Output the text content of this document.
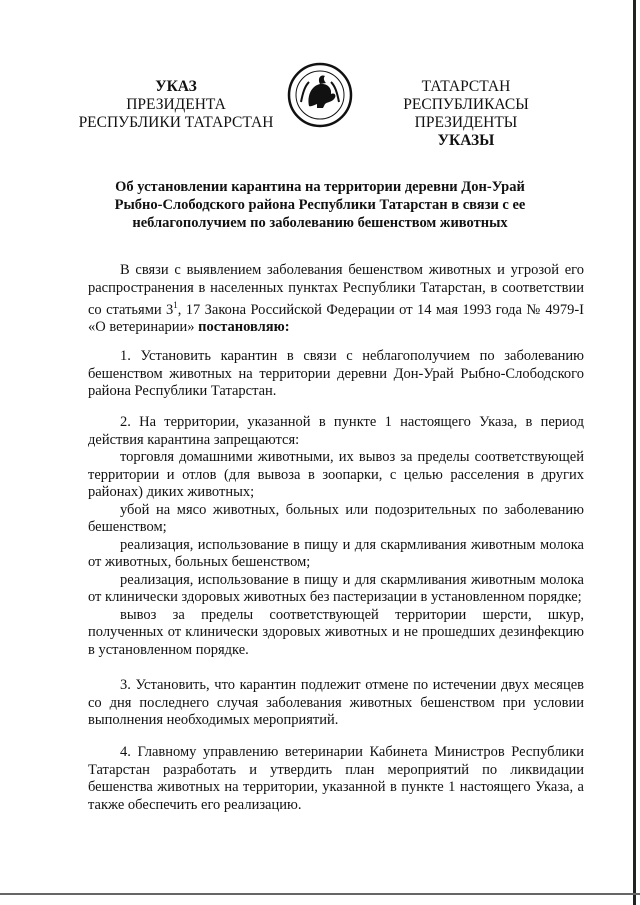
УКАЗ
ПРЕЗИДЕНТА
РЕСПУБЛИКИ ТАТАРСТАН
ТАТАРСТАН РЕСПУБЛИКАСЫ
ПРЕЗИДЕНТЫ
УКАЗЫ
Об установлении карантина на территории деревни Дон-Урай Рыбно-Слободского района Республики Татарстан в связи с ее неблагополучием по заболеванию бешенством животных

В связи с выявлением заболевания бешенством животных и угрозой его распространения в населенных пунктах Республики Татарстан, в соответствии со статьями $3^1$, 17 Закона Российской Федерации от 14 мая 1993 года № 4979-I «О ветеринарии» постановляю:

1. Установить карантин в связи с неблагополучием по заболеванию бешенством животных на территории деревни Дон-Урай Рыбно-Слободского района Республики Татарстан.

2. На территории, указанной в пункте 1 настоящего Указа, в период действия карантина запрещаются:

торговля домашними животными, их вывоз за пределы соответствующей территории и отлов (для вывоза в зоопарки, с целью расселения в других районах) диких животных;

убой на мясо животных, больных или подозрительных по заболеванию бешенством;

реализация, использование в пищу и для скармливания животным молока от животных, больных бешенством;

реализация, использование в пищу и для скармливания животным молока от клинически здоровых животных без пастеризации в установленном порядке;

вывоз за пределы соответствующей территории шерсти, шкур, полученных от клинически здоровых животных и не прошедших дезинфекцию в установленном порядке.

3. Установить, что карантин подлежит отмене по истечении двух месяцев со дня последнего случая заболевания животных бешенством при условии выполнения необходимых мероприятий.

4. Главному управлению ветеринарии Кабинета Министров Республики Татарстан разработать и утвердить план мероприятий по ликвидации бешенства животных на территории, указанной в пункте 1 настоящего Указа, а также обеспечить его реализацию.
